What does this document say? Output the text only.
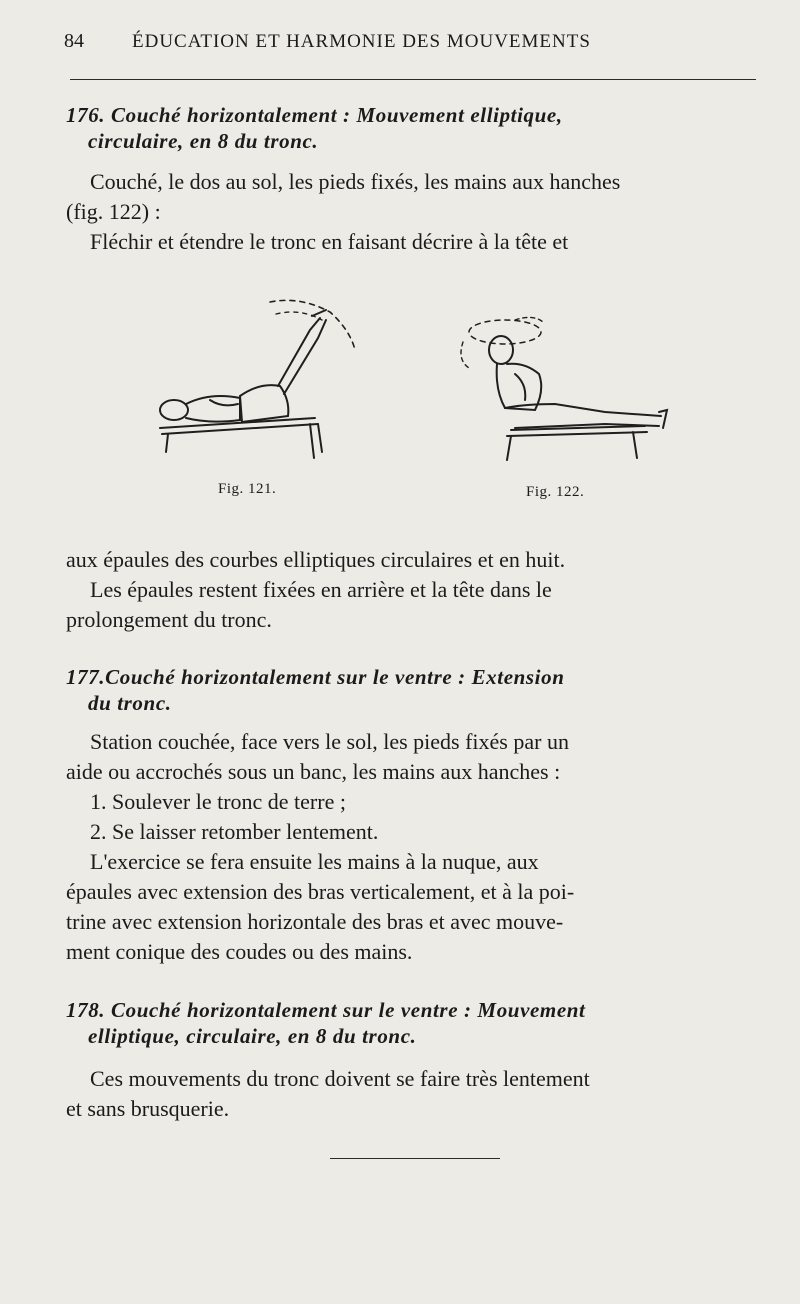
84	ÉDUCATION ET HARMONIE DES MOUVEMENTS
176. Couché horizontalement : Mouvement elliptique,
circulaire, en 8 du tronc.
Couché, le dos au sol, les pieds fixés, les mains aux hanches
(fig. 122) :
Fléchir et étendre le tronc en faisant décrire à la tête et
Fig. 121.	Fig. 122.
aux épaules des courbes elliptiques circulaires et en huit.
Les épaules restent fixées en arrière et la tête dans le
prolongement du tronc.
177.Couché horizontalement sur le ventre : Extension
du tronc.
Station couchée, face vers le sol, les pieds fixés par un
aide ou accrochés sous un banc, les mains aux hanches :
1. Soulever le tronc de terre ;
2. Se laisser retomber lentement.
L'exercice se fera ensuite les mains à la nuque, aux
épaules avec extension des bras verticalement, et à la poi-
trine avec extension horizontale des bras et avec mouve-
ment conique des coudes ou des mains.
178. Couché horizontalement sur le ventre : Mouvement
elliptique, circulaire, en 8 du tronc.
Ces mouvements du tronc doivent se faire très lentement
et sans brusquerie.
